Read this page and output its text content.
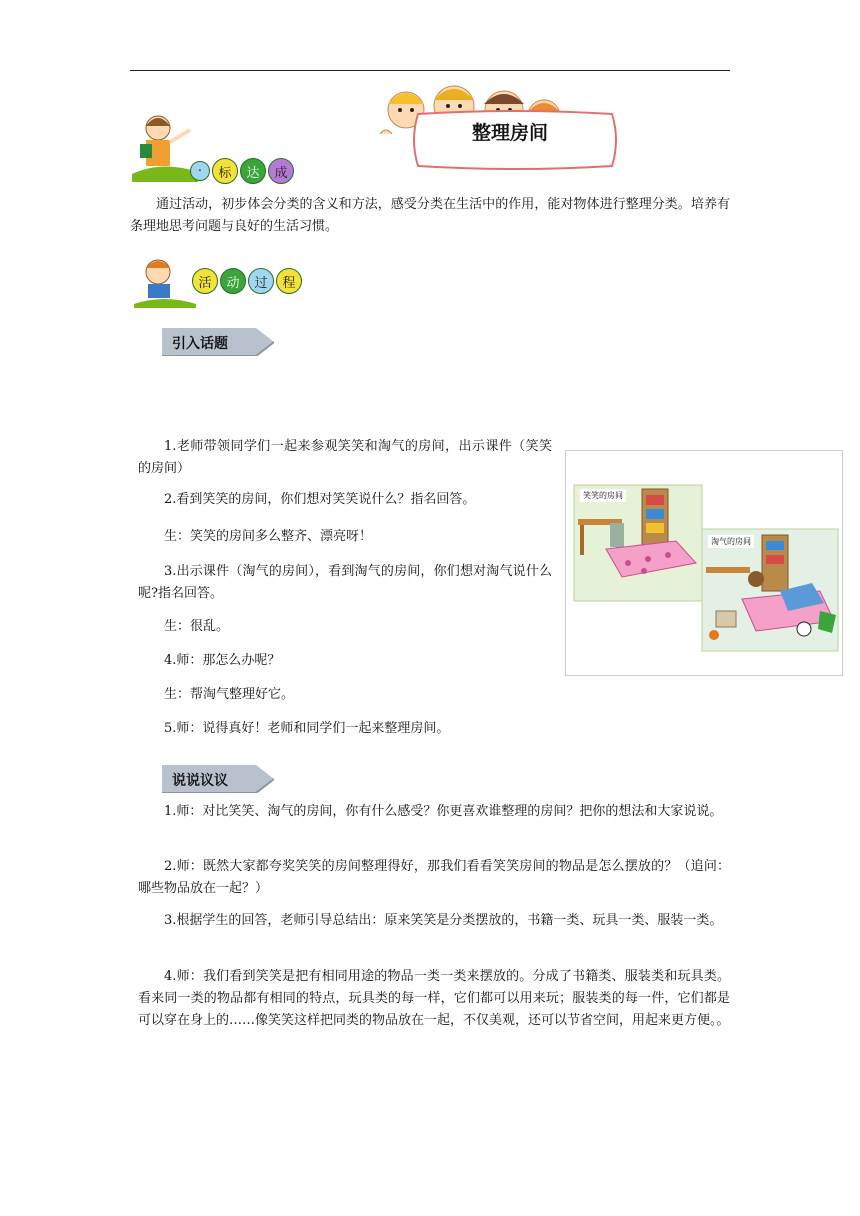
整理房间
·	标	达	成

通过活动，初步体会分类的含义和方法，感受分类在生活中的作用，能对物体进行整理分类。培养有条理地思考问题与良好的生活习惯。

活	动	过	程
引入话题

1.老师带领同学们一起来参观笑笑和淘气的房间，出示课件（笑笑的房间）

2.看到笑笑的房间，你们想对笑笑说什么？指名回答。

生：笑笑的房间多么整齐、漂亮呀！

3.出示课件（淘气的房间），看到淘气的房间，你们想对淘气说什么呢?指名回答。

生：很乱。

4.师：那怎么办呢？

生：帮淘气整理好它。

5.师：说得真好！老师和同学们一起来整理房间。

笑笑的房间
淘气的房间
说说议议

1.师：对比笑笑、淘气的房间，你有什么感受？你更喜欢谁整理的房间？把你的想法和大家说说。

2.师：既然大家都夸奖笑笑的房间整理得好，那我们看看笑笑房间的物品是怎么摆放的？（追问：哪些物品放在一起？）

3.根据学生的回答，老师引导总结出：原来笑笑是分类摆放的，书籍一类、玩具一类、服装一类。

4.师：我们看到笑笑是把有相同用途的物品一类一类来摆放的。分成了书籍类、服装类和玩具类。看来同一类的物品都有相同的特点，玩具类的每一样，它们都可以用来玩；服装类的每一件，它们都是可以穿在身上的……像笑笑这样把同类的物品放在一起，不仅美观，还可以节省空间，用起来更方便。。
